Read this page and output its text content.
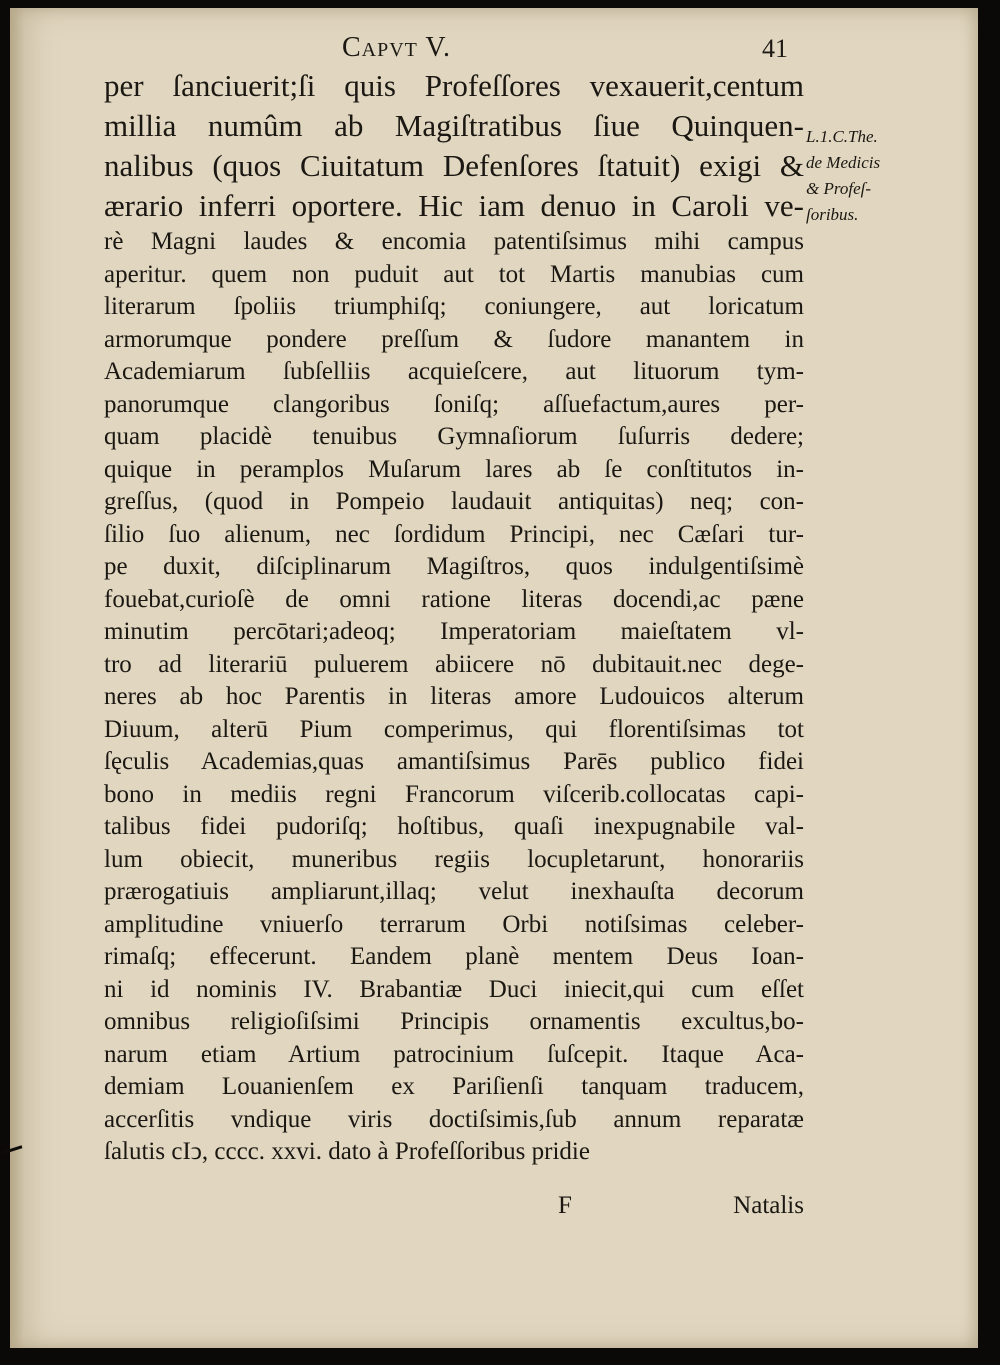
Capvt V.	41
per ſanciuerit;ſi quis Profeſſores vexauerit,centum
millia numûm ab Magiſtratibus ſiue Quinquen-
nalibus (quos Ciuitatum Defenſores ſtatuit) exigi &
ærario inferri oportere. Hic iam denuo in Caroli ve-
rè Magni laudes & encomia patentiſsimus mihi campus
aperitur. quem non puduit aut tot Martis manubias cum
literarum ſpoliis triumphiſq; coniungere, aut loricatum
armorumque pondere preſſum & ſudore manantem in
Academiarum ſubſelliis acquieſcere, aut lituorum tym-
panorumque clangoribus ſoniſq; aſſuefactum,aures per-
quam placidè tenuibus Gymnaſiorum ſuſurris dedere;
quique in peramplos Muſarum lares ab ſe conſtitutos in-
greſſus, (quod in Pompeio laudauit antiquitas) neq; con-
ſilio ſuo alienum, nec ſordidum Principi, nec Cæſari tur-
pe duxit, diſciplinarum Magiſtros, quos indulgentiſsimè
fouebat,curioſè de omni ratione literas docendi,ac pæne
minutim percōtari;adeoq; Imperatoriam maieſtatem vl-
tro ad literariū puluerem abiicere nō dubitauit.nec dege-
neres ab hoc Parentis in literas amore Ludouicos alterum
Diuum, alterū Pium comperimus, qui florentiſsimas tot
ſęculis Academias,quas amantiſsimus Parēs publico fidei
bono in mediis regni Francorum viſcerib.collocatas capi-
talibus fidei pudoriſq; hoſtibus, quaſi inexpugnabile val-
lum obiecit, muneribus regiis locupletarunt, honorariis
prærogatiuis ampliarunt,illaq; velut inexhauſta decorum
amplitudine vniuerſo terrarum Orbi notiſsimas celeber-
rimaſq; effecerunt. Eandem planè mentem Deus Ioan-
ni id nominis IV. Brabantiæ Duci iniecit,qui cum eſſet
omnibus religioſiſsimi Principis ornamentis excultus,bo-
narum etiam Artium patrocinium ſuſcepit. Itaque Aca-
demiam Louanienſem ex Pariſienſi tanquam traducem,
accerſitis vndique viris doctiſsimis,ſub annum reparatæ
ſalutis cIↄ, cccc. xxvi. dato à Profeſſoribus pridie
F	Natalis
L.1.C.The.
de Medicis
& Profeſ-
ſoribus.
